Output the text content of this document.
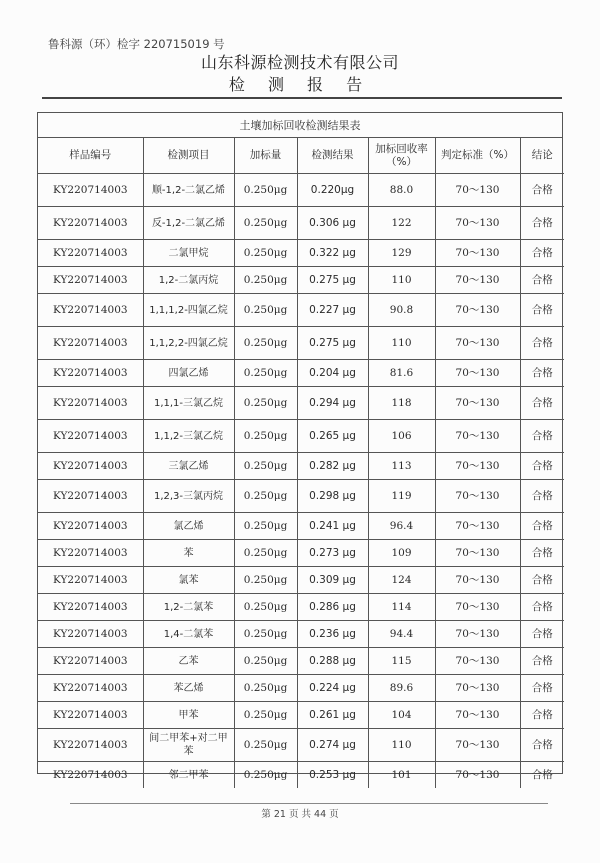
鲁科源（环）检字 220715019 号
山东科源检测技术有限公司
检 测 报 告
土壤加标回收检测结果表
样品编号	检测项目	加标量	检测结果	加标回收率（%）	判定标准（%）	结论
KY220714003	顺-1,2-二氯乙烯	0.250μg	0.220μg	88.0	70～130	合格
KY220714003	反-1,2-二氯乙烯	0.250μg	0.306 μg	122	70～130	合格
KY220714003	二氯甲烷	0.250μg	0.322 μg	129	70～130	合格
KY220714003	1,2-二氯丙烷	0.250μg	0.275 μg	110	70～130	合格
KY220714003	1,1,1,2-四氯乙烷	0.250μg	0.227 μg	90.8	70～130	合格
KY220714003	1,1,2,2-四氯乙烷	0.250μg	0.275 μg	110	70～130	合格
KY220714003	四氯乙烯	0.250μg	0.204 μg	81.6	70～130	合格
KY220714003	1,1,1-三氯乙烷	0.250μg	0.294 μg	118	70～130	合格
KY220714003	1,1,2-三氯乙烷	0.250μg	0.265 μg	106	70～130	合格
KY220714003	三氯乙烯	0.250μg	0.282 μg	113	70～130	合格
KY220714003	1,2,3-三氯丙烷	0.250μg	0.298 μg	119	70～130	合格
KY220714003	氯乙烯	0.250μg	0.241 μg	96.4	70～130	合格
KY220714003	苯	0.250μg	0.273 μg	109	70～130	合格
KY220714003	氯苯	0.250μg	0.309 μg	124	70～130	合格
KY220714003	1,2-二氯苯	0.250μg	0.286 μg	114	70～130	合格
KY220714003	1,4-二氯苯	0.250μg	0.236 μg	94.4	70～130	合格
KY220714003	乙苯	0.250μg	0.288 μg	115	70～130	合格
KY220714003	苯乙烯	0.250μg	0.224 μg	89.6	70～130	合格
KY220714003	甲苯	0.250μg	0.261 μg	104	70～130	合格
KY220714003	间二甲苯+对二甲苯	0.250μg	0.274 μg	110	70～130	合格
KY220714003	邻二甲苯	0.250μg	0.253 μg	101	70～130	合格
第 21 页 共 44 页
